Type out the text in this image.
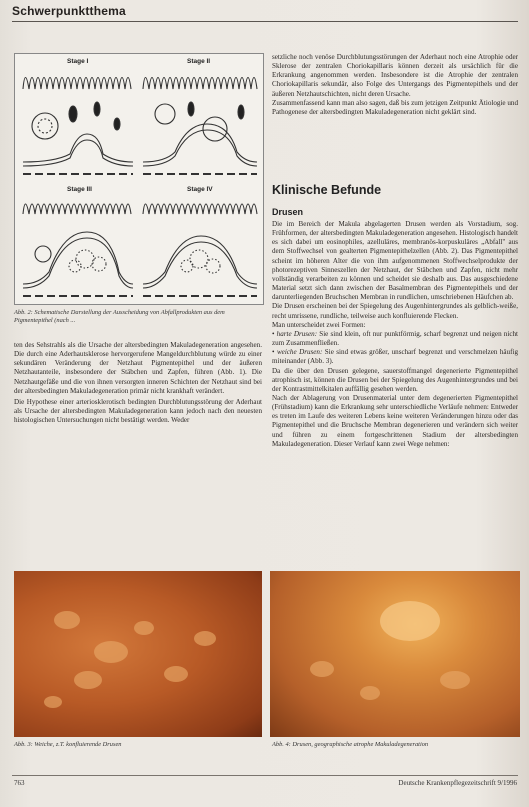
Schwerpunktthema
Stage I	Stage II
Stage III	Stage IV
Abb. 2: Schematische Darstellung der Ausscheidung von Abfallprodukten aus dem Pigmentepithel (nach ...

ten des Sehstrahls als die Ursache der altersbedingten Makuladegeneration angesehen. Die durch eine Aderhautsklerose hervorgerufene Mangeldurchblutung würde zu einer sekundären Veränderung der Netzhaut Pigmentepithel und der äußeren Netzhautanteile, insbesondere der Stäbchen und Zapfen, führen (Abb. 1). Die Netzhautgefäße und die von ihnen versorgten inneren Schichten der Netzhaut sind bei der altersbedingten Makuladegeneration primär nicht krankhaft verändert.

Die Hypothese einer arteriosklerotisch bedingten Durchblutungsstörung der Aderhaut als Ursache der altersbedingten Makuladegeneration kann jedoch nach den neuesten histologischen Untersuchungen nicht bestätigt werden. Weder

setzliche noch venöse Durchblutungsstörungen der Aderhaut noch eine Atrophie oder Sklerose der zentralen Choriokapillaris können derzeit als ursächlich für die Erkrankung angenommen werden. Insbesondere ist die Atrophie der zentralen Choriokapillaris sekundär, also Folge des Untergangs des Pigmentepithels und der äußeren Netzhautschichten, nicht deren Ursache.

Zusammenfassend kann man also sagen, daß bis zum jetzigen Zeitpunkt Ätiologie und Pathogenese der altersbedingten Makuladegeneration nicht geklärt sind.

Klinische Befunde
Drusen

Die im Bereich der Makula abgelagerten Drusen werden als Vorstadium, sog. Frühformen, der altersbedingten Makuladegeneration angesehen. Histologisch handelt es sich dabei um eosinophiles, azelluläres, membranös-korpuskuläres „Abfall" aus dem Stoffwechsel von gealterten Pigmentepithelzellen (Abb. 2). Das Pigmentepithel scheint im höheren Alter die von ihm aufgenommenen Stoffwechselprodukte der photorezeptiven Sinneszellen der Netzhaut, der Stäbchen und Zapfen, nicht mehr vollständig verarbeiten zu können und scheidet sie deshalb aus. Das ausgeschiedene Material setzt sich dann zwischen der Basalmembran des Pigmentepithels und der darunterliegenden Bruchschen Membran in rundlichen, umschriebenen Häufchen ab.

Die Drusen erscheinen bei der Spiegelung des Augenhintergrundes als gelblich-weiße, recht umrissene, rundliche, teilweise auch konfluierende Flecken.

Man unterscheidet zwei Formen:

• harte Drusen: Sie sind klein, oft nur punktförmig, scharf begrenzt und neigen nicht zum Zusammenfließen.

• weiche Drusen: Sie sind etwas größer, unscharf begrenzt und verschmelzen häufig miteinander (Abb. 3).

Da die über den Drusen gelegene, sauerstoffmangel degenerierte Pigmentepithel atrophisch ist, können die Drusen bei der Spiegelung des Augenhintergrundes und bei der Kontrastmittelkitalen auffällig gesehen werden.

Nach der Ablagerung von Drusenmaterial unter dem degenerierten Pigmentepithel (Frühstadium) kann die Erkrankung sehr unterschiedliche Verläufe nehmen: Entweder es treten im Laufe des weiteren Lebens keine weiteren Veränderungen hinzu oder das Pigmentepithel und die Bruchsche Membran degenerieren und verändern sich weiter und führen zu einem fortgeschrittenen Stadium der altersbedingten Makuladegeneration. Dieser Verlauf kann zwei Wege nehmen:

Abb. 3: Weiche, z.T. konfluierende Drusen	Abb. 4: Drusen, geographische atrophe Makuladegeneration
763	Deutsche Krankenpflegezeitschrift 9/1996
